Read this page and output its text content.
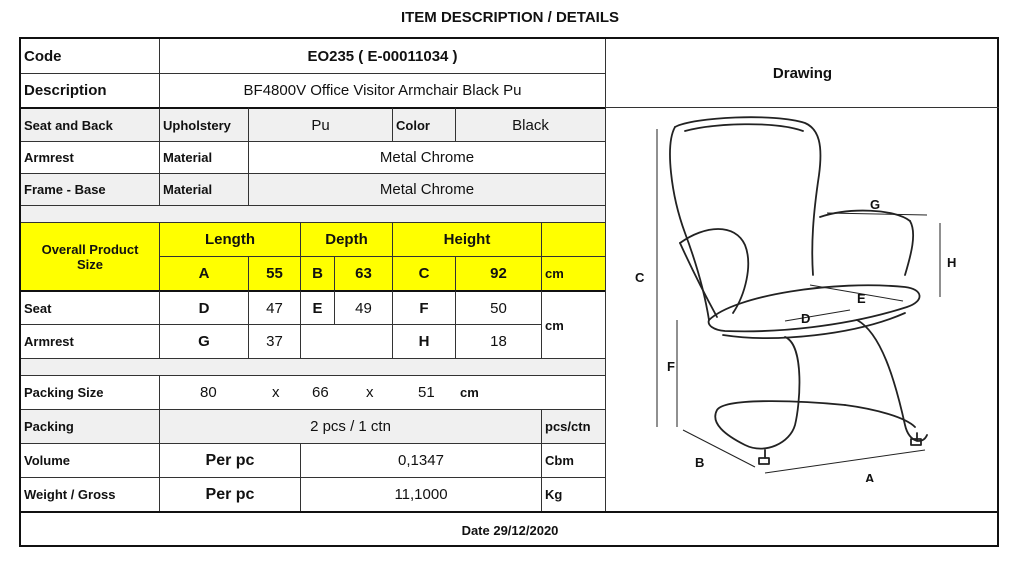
ITEM DESCRIPTION / DETAILS
Code	EO235 ( E-00011034 )
Drawing
Description	BF4800V Office Visitor Armchair Black Pu
Seat and Back	Upholstery	Pu	Color	Black
Armrest	Material	Metal Chrome
Frame - Base	Material	Metal Chrome
Overall Product
Size
Length	Depth	Height
A	55	B	63	C	92	cm
Seat	D	47	E	49	F	50
cm
Armrest	G	37	H	18
Packing Size	80	x 66 x	51 cm
Packing	2 pcs / 1 ctn	pcs/ctn
Volume	Per pc	0,1347	Cbm
Weight / Gross	Per pc	11,1000	Kg
Date 29/12/2020
C
F
B
A
H
G
D
E
